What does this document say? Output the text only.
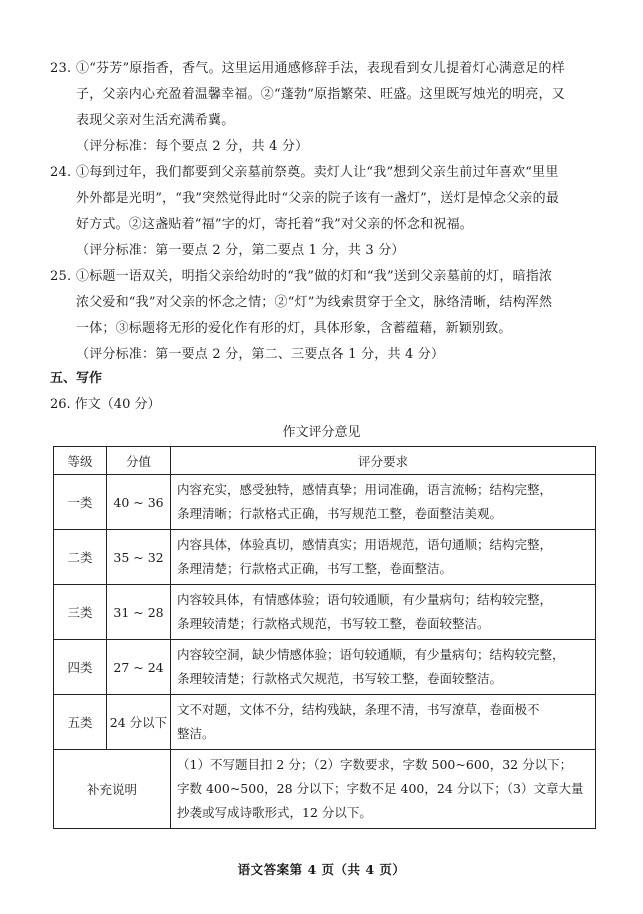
23. ①“芬芳”原指香，香气。这里运用通感修辞手法，表现看到女儿提着灯心满意足的样
子，父亲内心充盈着温馨幸福。②“蓬勃”原指繁荣、旺盛。这里既写烛光的明亮，又
表现父亲对生活充满希冀。
（评分标准：每个要点 2 分，共 4 分）
24. ①每到过年，我们都要到父亲墓前祭奠。卖灯人让“我”想到父亲生前过年喜欢“里里
外外都是光明”，“我”突然觉得此时“父亲的院子该有一盏灯”，送灯是悼念父亲的最
好方式。②这盏贴着“福”字的灯，寄托着“我”对父亲的怀念和祝福。
（评分标准：第一要点 2 分，第二要点 1 分，共 3 分）
25. ①标题一语双关，明指父亲给幼时的“我”做的灯和“我”送到父亲墓前的灯，暗指浓
浓父爱和“我”对父亲的怀念之情；②“灯”为线索贯穿于全文，脉络清晰，结构浑然
一体；③标题将无形的爱化作有形的灯，具体形象，含蓄蕴藉，新颖别致。
（评分标准：第一要点 2 分，第二、三要点各 1 分，共 4 分）
五、写作
26. 作文（40 分）
作文评分意见
等级	分值	评分要求
一类	40 ~ 36	内容充实，感受独特，感情真挚；用词准确，语言流畅；结构完整，
条理清晰；行款格式正确，书写规范工整，卷面整洁美观。

二类	35 ~ 32	内容具体，体验真切，感情真实；用语规范，语句通顺；结构完整，
条理清楚；行款格式正确，书写工整，卷面整洁。

三类	31 ~ 28	内容较具体，有情感体验；语句较通顺，有少量病句；结构较完整，
条理较清楚；行款格式规范，书写较工整，卷面较整洁。

四类	27 ~ 24	内容较空洞，缺少情感体验；语句较通顺，有少量病句；结构较完整，
条理较清楚；行款格式欠规范，书写较工整，卷面较整洁。

五类	24 分以下	文不对题，文体不分，结构残缺，条理不清，书写潦草，卷面极不
整洁。

补充说明		（1）不写题目扣 2 分；（2）字数要求，字数 500~600，32 分以下；
字数 400~500，28 分以下；字数不足 400，24 分以下；（3）文章大量
抄袭或写成诗歌形式，12 分以下。
语文答案第 4 页（共 4 页）
